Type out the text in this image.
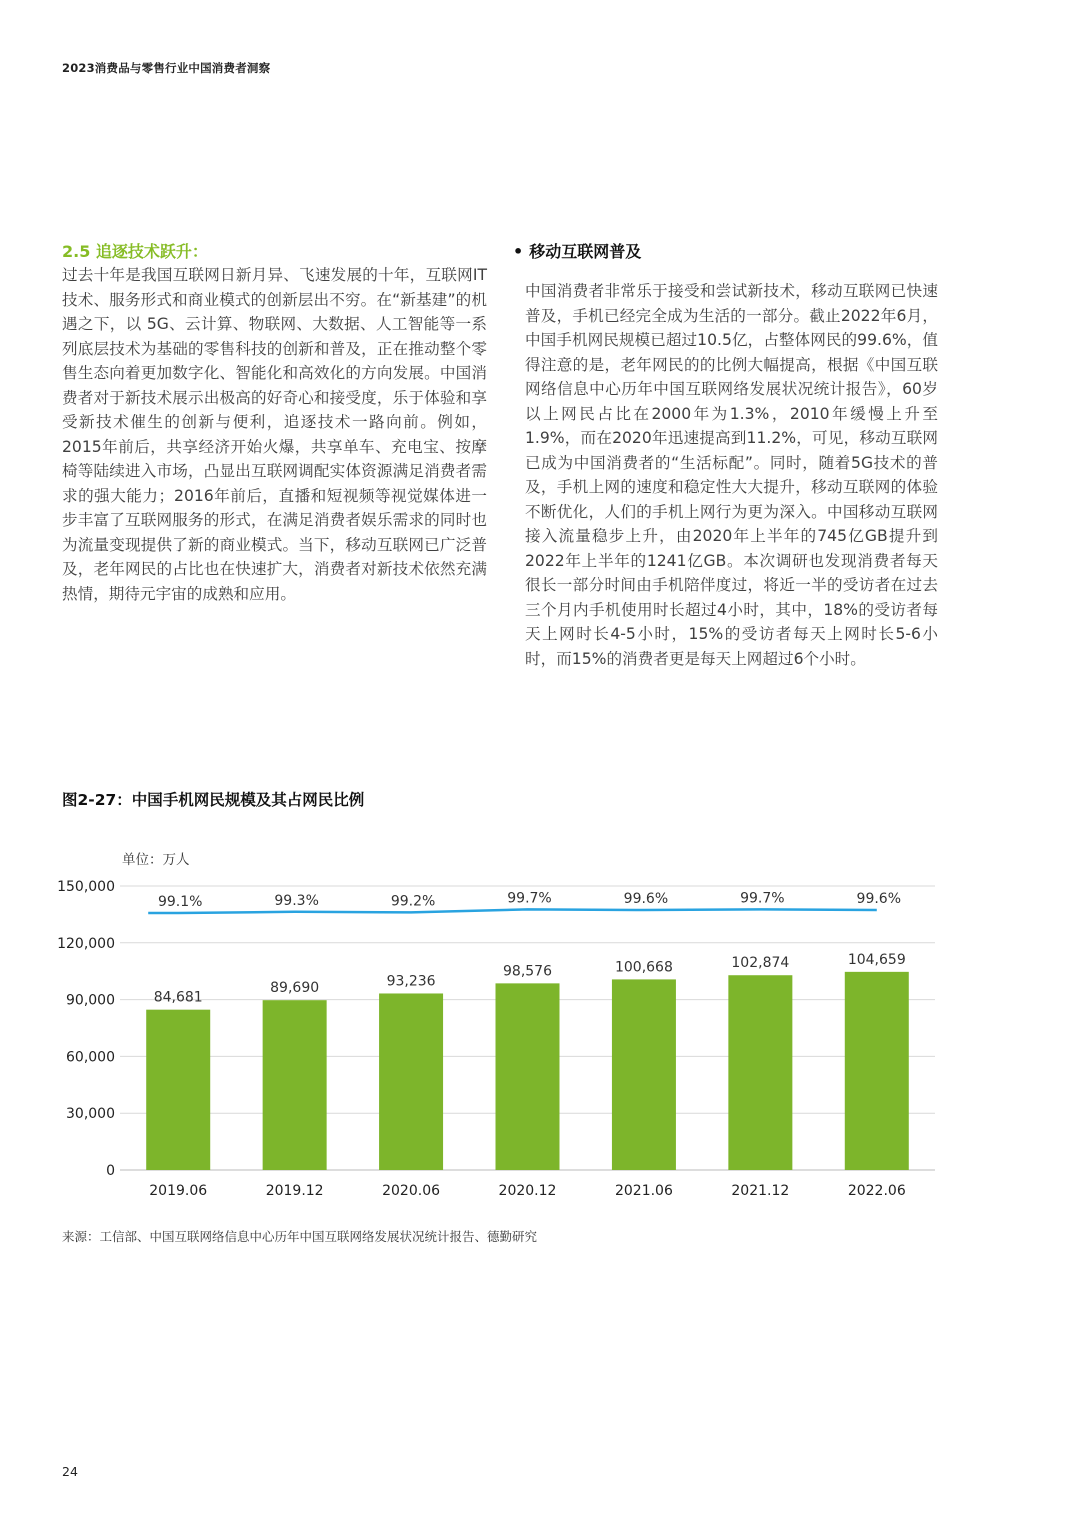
2023消费品与零售行业中国消费者洞察
2.5 追逐技术跃升：

过去十年是我国互联网日新月异、飞速发展的十年，互联网IT技术、服务形式和商业模式的创新层出不穷。在“新基建”的机遇之下，以 5G、云计算、物联网、大数据、人工智能等一系列底层技术为基础的零售科技的创新和普及，正在推动整个零售生态向着更加数字化、智能化和高效化的方向发展。中国消费者对于新技术展示出极高的好奇心和接受度，乐于体验和享受新技术催生的创新与便利，追逐技术一路向前。例如，2015年前后，共享经济开始火爆，共享单车、充电宝、按摩椅等陆续进入市场，凸显出互联网调配实体资源满足消费者需求的强大能力；2016年前后，直播和短视频等视觉媒体进一步丰富了互联网服务的形式，在满足消费者娱乐需求的同时也为流量变现提供了新的商业模式。当下，移动互联网已广泛普及，老年网民的占比也在快速扩大，消费者对新技术依然充满热情，期待元宇宙的成熟和应用。

• 移动互联网普及

中国消费者非常乐于接受和尝试新技术，移动互联网已快速普及，手机已经完全成为生活的一部分。截止2022年6月，中国手机网民规模已超过10.5亿，占整体网民的99.6%，值得注意的是，老年网民的的比例大幅提高，根据《中国互联网络信息中心历年中国互联网络发展状况统计报告》，60岁以上网民占比在2000年为1.3%，2010年缓慢上升至1.9%，而在2020年迅速提高到11.2%，可见，移动互联网已成为中国消费者的“生活标配”。同时，随着5G技术的普及，手机上网的速度和稳定性大大提升，移动互联网的体验不断优化，人们的手机上网行为更为深入。中国移动互联网接入流量稳步上升，由2020年上半年的745亿GB提升到2022年上半年的1241亿GB。本次调研也发现消费者每天很长一部分时间由手机陪伴度过，将近一半的受访者在过去三个月内手机使用时长超过4小时，其中，18%的受访者每天上网时长4-5小时，15%的受访者每天上网时长5-6小时，而15%的消费者更是每天上网超过6个小时。

图2-27：中国手机网民规模及其占网民比例
单位：万人
0
30,000
60,000
90,000
120,000
150,000
84,681
2019.06
89,690
2019.12
93,236
2020.06
98,576
2020.12
100,668
2021.06
102,874
2021.12
104,659
2022.06
99.1%	99.3%	99.2%	99.7%	99.6%	99.7%	99.6%
来源：工信部、中国互联网络信息中心历年中国互联网络发展状况统计报告、德勤研究
24
